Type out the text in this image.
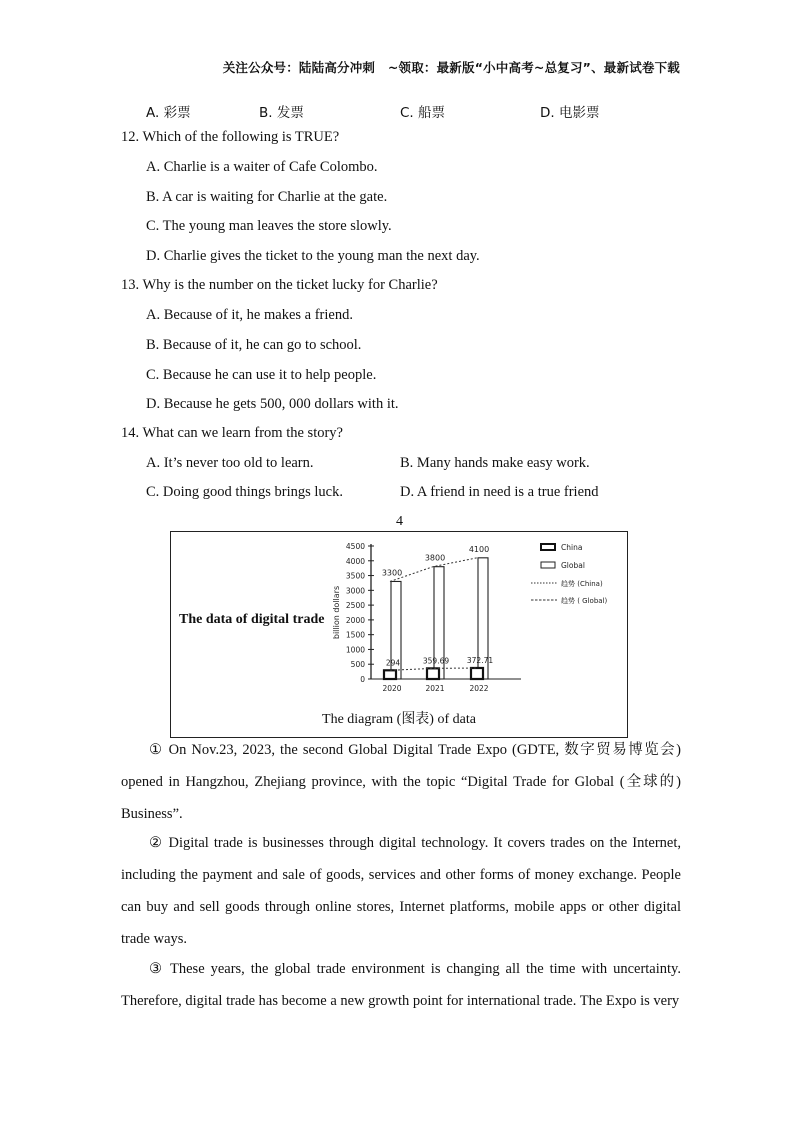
关注公众号：陆陆高分冲刺　~领取：最新版“小中高考~总复习”、最新试卷下载
A. 彩票	B. 发票	C. 船票	D. 电影票
12. Which of the following is TRUE?
A. Charlie is a waiter of Cafe Colombo.
B. A car is waiting for Charlie at the gate.
C. The young man leaves the store slowly.
D. Charlie gives the ticket to the young man the next day.
13. Why is the number on the ticket lucky for Charlie?
A. Because of it, he makes a friend.
B. Because of it, he can go to school.
C. Because he can use it to help people.
D. Because he gets 500, 000 dollars with it.
14. What can we learn from the story?
A. It’s never too old to learn.	B. Many hands make easy work.
C. Doing good things brings luck.	D. A friend in need is a true friend
4
The data of digital trade
4500
4000
3500
3000
2500
2000
1500
1000
500
0
billion dollars
3300
3800
4100
294
2020
359.69
2021
372.71
2022
China
Global
趋势 (China)
趋势 ( Global)
The diagram (图表) of data
① On Nov.23, 2023, the second Global Digital Trade Expo (GDTE, 数字贸易博览会) opened in Hangzhou, Zhejiang province, with the topic “Digital Trade for Global (全球的) Business”.
② Digital trade is businesses through digital technology. It covers trades on the Internet, including the payment and sale of goods, services and other forms of money exchange. People can buy and sell goods through online stores, Internet platforms, mobile apps or other digital trade ways.
③ These years, the global trade environment is changing all the time with uncertainty. Therefore, digital trade has become a new growth point for international trade. The Expo is very
